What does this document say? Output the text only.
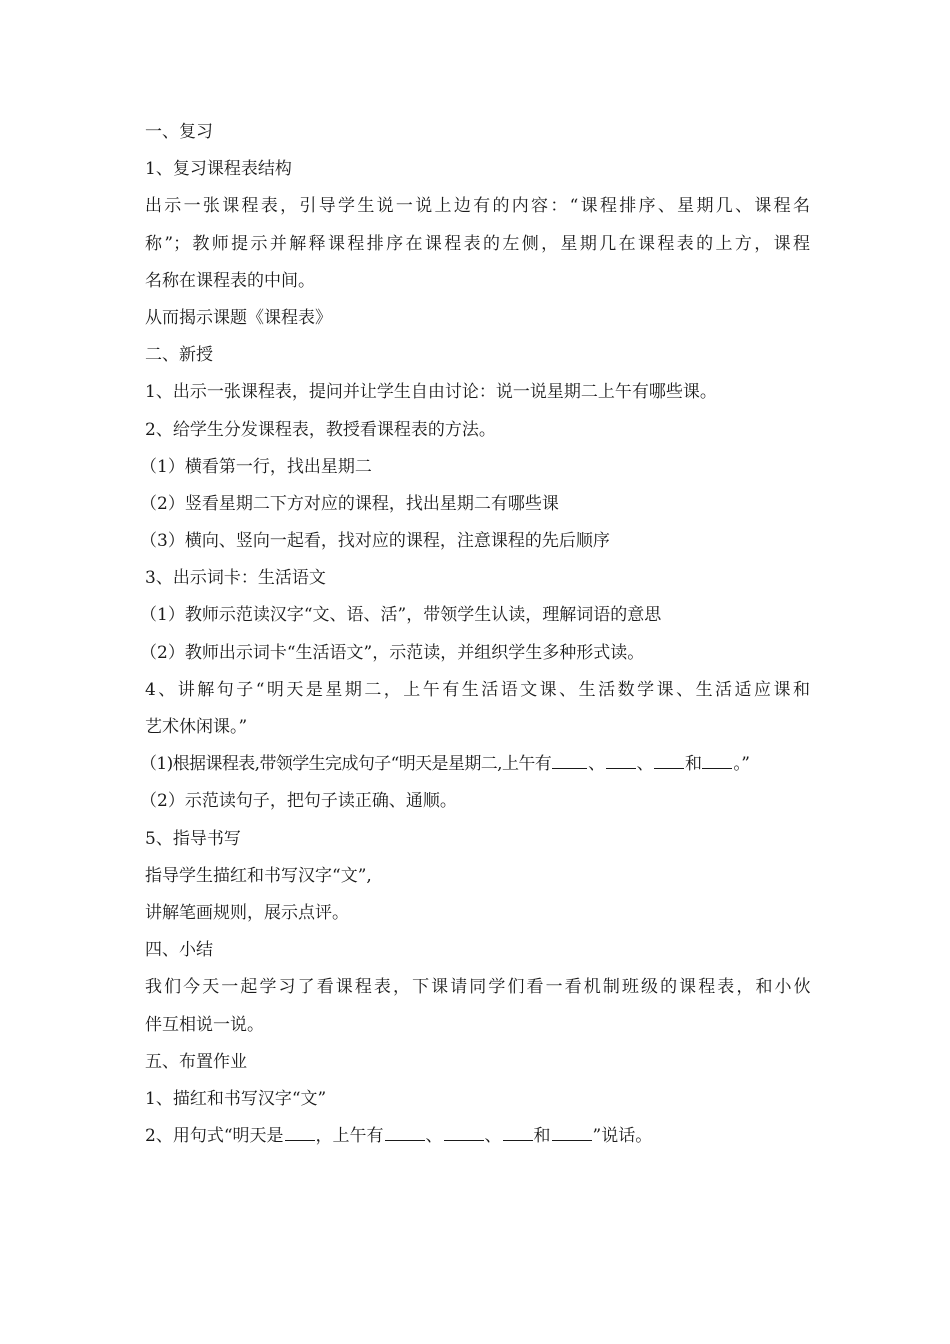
一、复习
1、复习课程表结构
出示一张课程表，引导学生说一说上边有的内容：“课程排序、星期几、课程名
称”；教师提示并解释课程排序在课程表的左侧，星期几在课程表的上方，课程
名称在课程表的中间。
从而揭示课题《课程表》
二、新授
1、出示一张课程表，提问并让学生自由讨论：说一说星期二上午有哪些课。
2、给学生分发课程表，教授看课程表的方法。
（1）横看第一行，找出星期二
（2）竖看星期二下方对应的课程，找出星期二有哪些课
（3）横向、竖向一起看，找对应的课程，注意课程的先后顺序
3、出示词卡：生活语文
（1）教师示范读汉字“文、语、活”，带领学生认读，理解词语的意思
（2）教师出示词卡“生活语文”，示范读，并组织学生多种形式读。
4、讲解句子“明天是星期二，上午有生活语文课、生活数学课、生活适应课和
艺术休闲课。”
（1)根据课程表,带领学生完成句子“明天是星期二,上午有 、 、 和 。”
（2）示范读句子，把句子读正确、通顺。
5、指导书写
指导学生描红和书写汉字“文”,
讲解笔画规则，展示点评。
四、小结
我们今天一起学习了看课程表，下课请同学们看一看机制班级的课程表，和小伙
伴互相说一说。
五、布置作业
1、描红和书写汉字“文”
2、用句式“明天是 ，上午有 、 、 和 ”说话。
